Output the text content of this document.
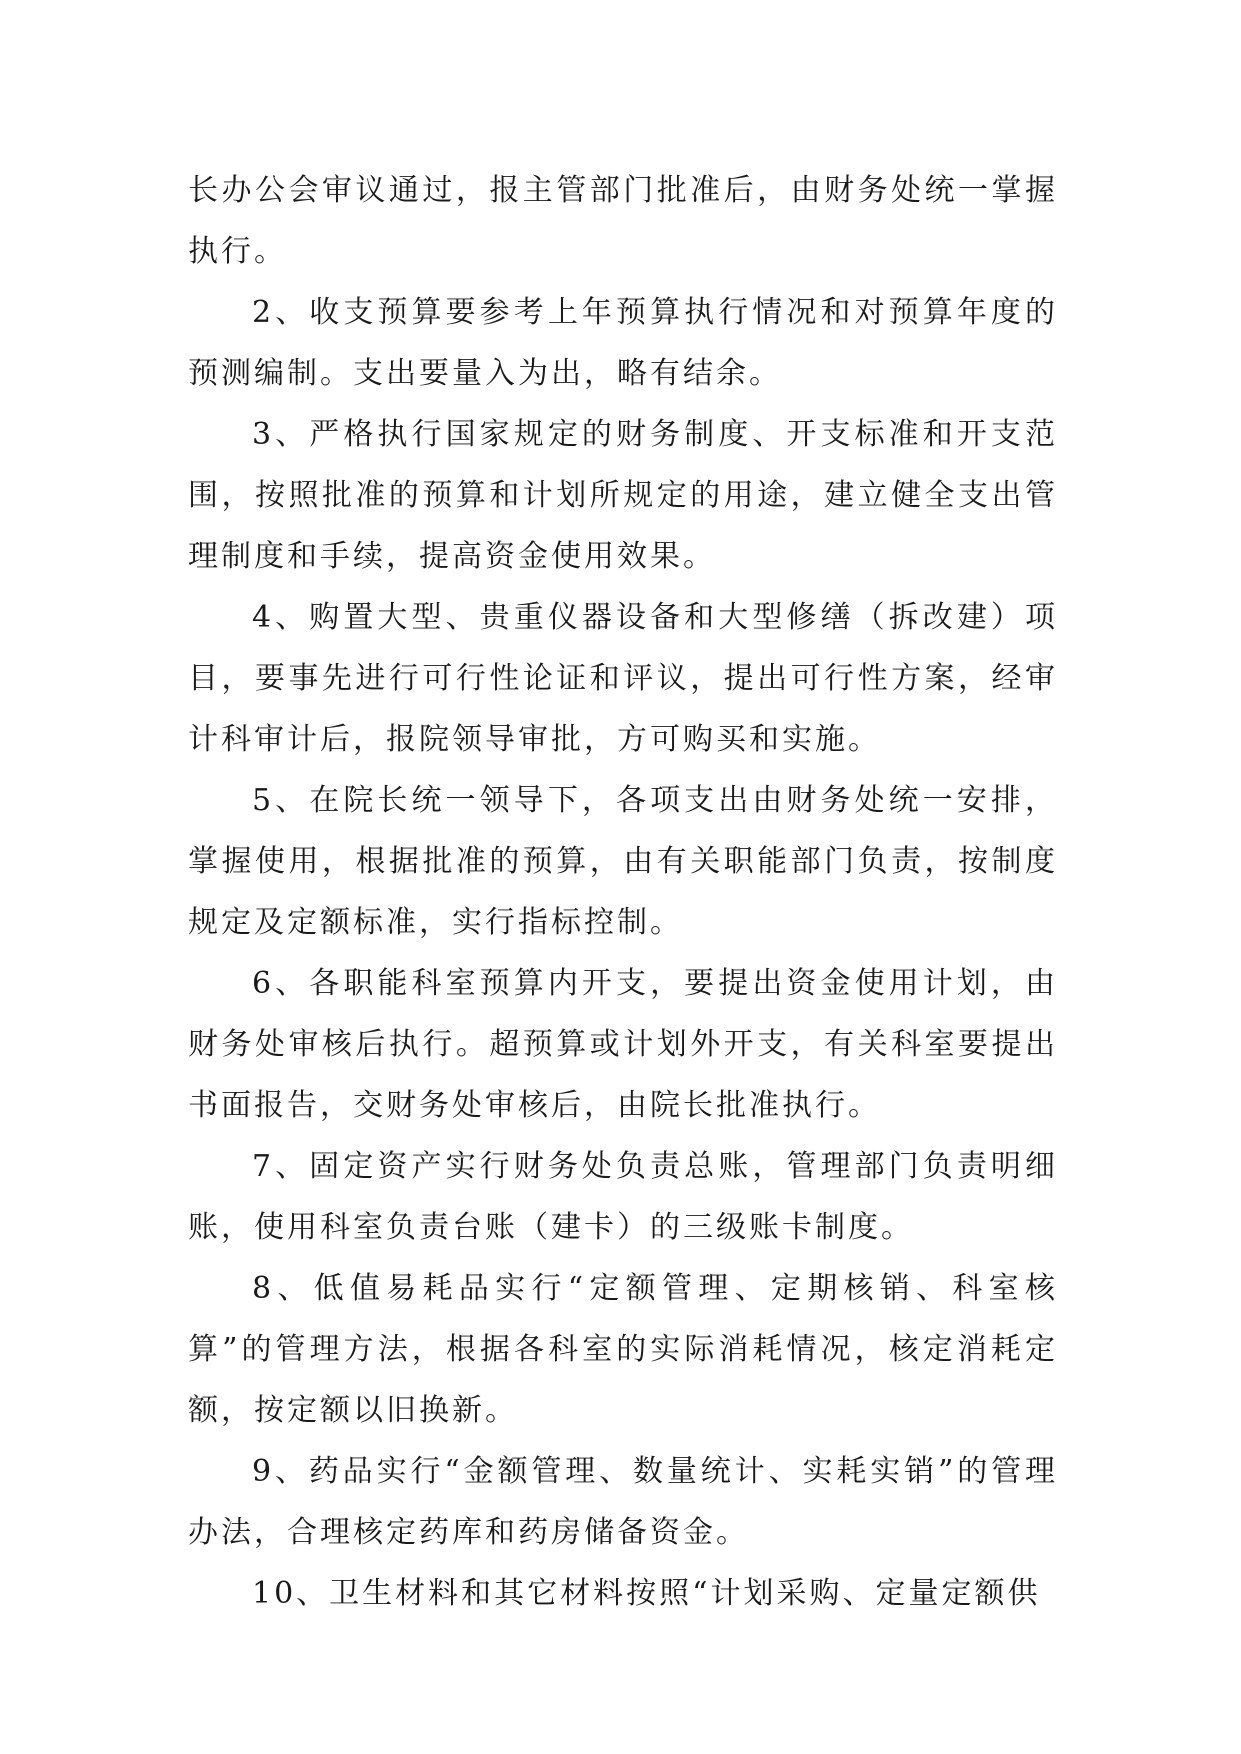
长办公会审议通过，报主管部门批准后，由财务处统一掌握执行。

2、收支预算要参考上年预算执行情况和对预算年度的预测编制。支出要量入为出，略有结余。

3、严格执行国家规定的财务制度、开支标准和开支范围，按照批准的预算和计划所规定的用途，建立健全支出管理制度和手续，提高资金使用效果。

4、购置大型、贵重仪器设备和大型修缮（拆改建）项目，要事先进行可行性论证和评议，提出可行性方案，经审计科审计后，报院领导审批，方可购买和实施。

5、在院长统一领导下，各项支出由财务处统一安排，掌握使用，根据批准的预算，由有关职能部门负责，按制度规定及定额标准，实行指标控制。

6、各职能科室预算内开支，要提出资金使用计划，由财务处审核后执行。超预算或计划外开支，有关科室要提出书面报告，交财务处审核后，由院长批准执行。

7、固定资产实行财务处负责总账，管理部门负责明细账，使用科室负责台账（建卡）的三级账卡制度。

8、低值易耗品实行“定额管理、定期核销、科室核算”的管理方法，根据各科室的实际消耗情况，核定消耗定额，按定额以旧换新。

9、药品实行“金额管理、数量统计、实耗实销”的管理办法，合理核定药库和药房储备资金。

10、卫生材料和其它材料按照“计划采购、定量定额供
